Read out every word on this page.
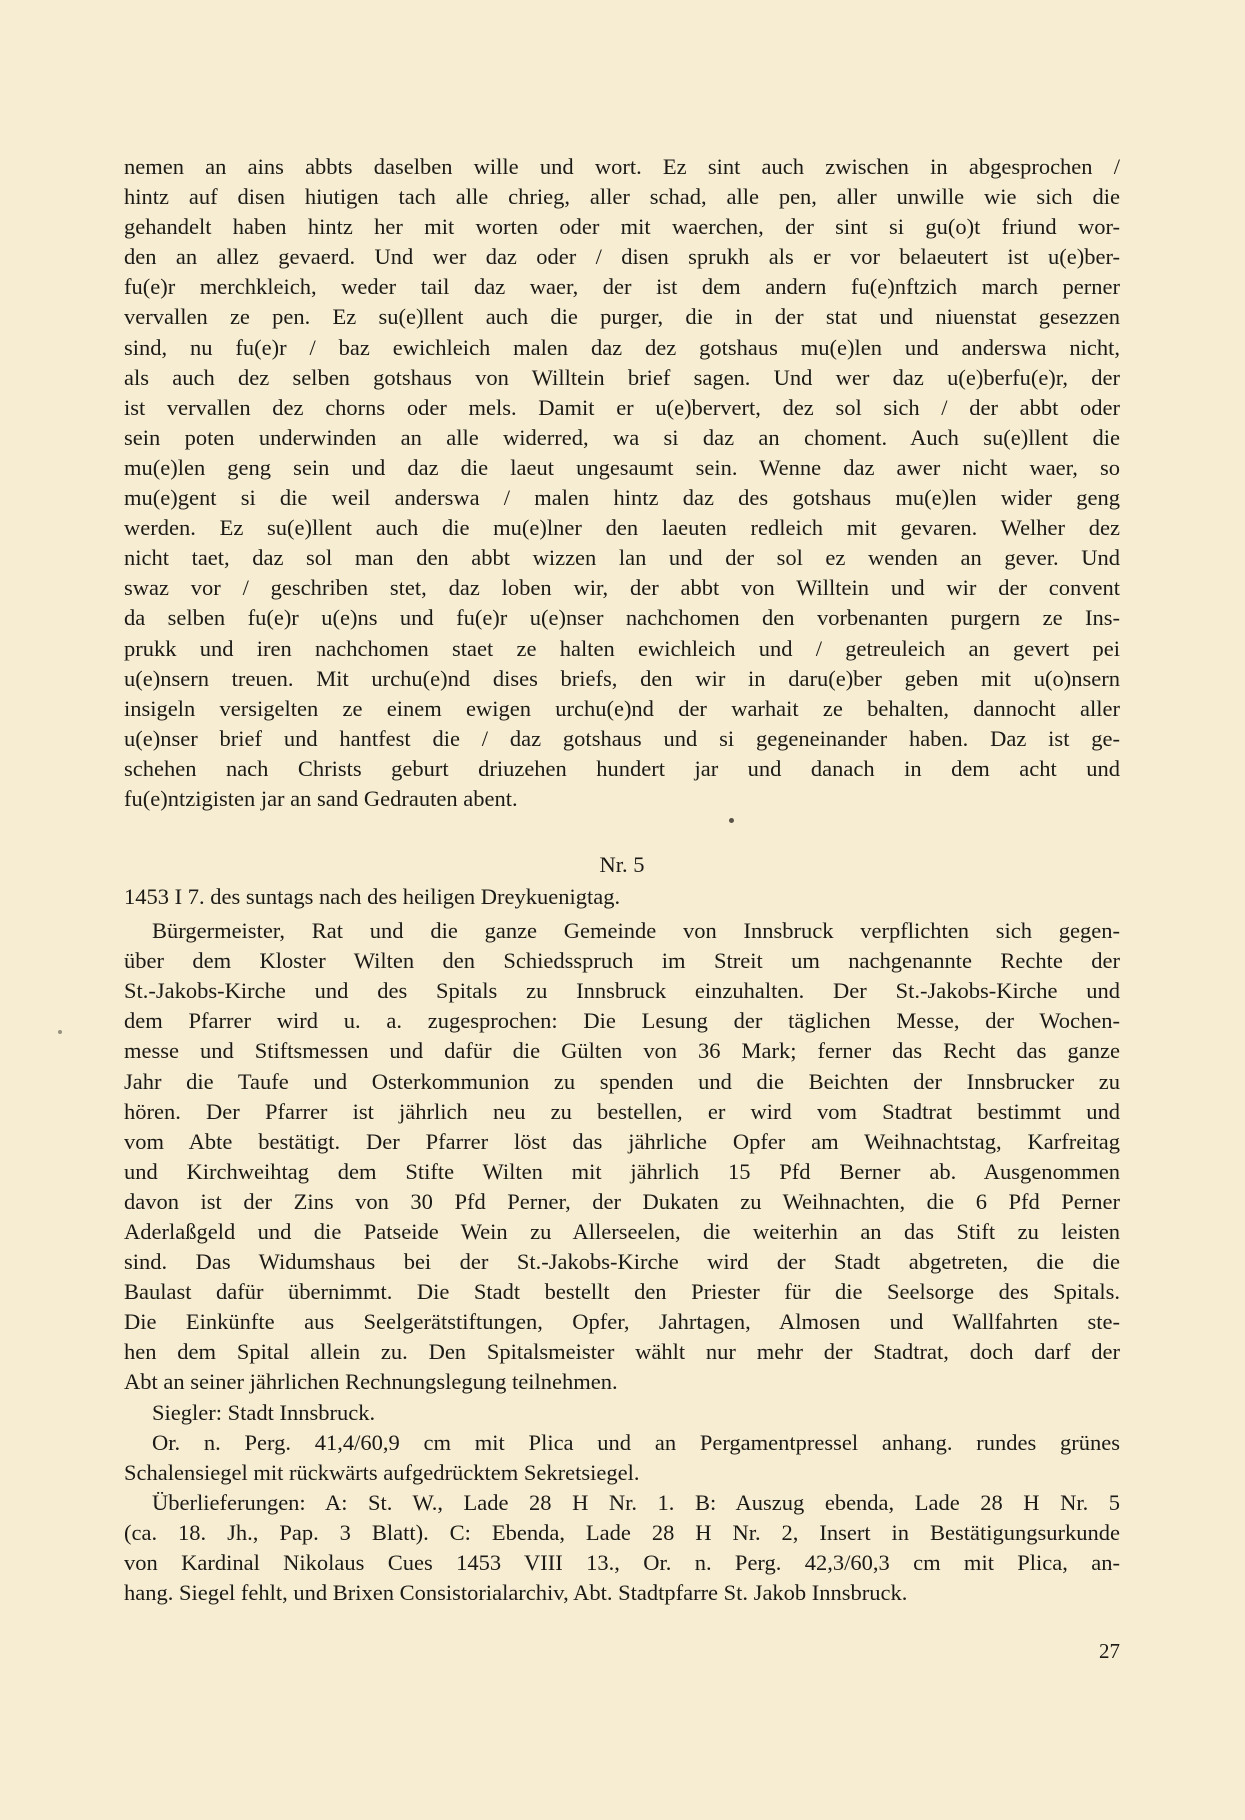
nemen an ains abbts daselben wille und wort. Ez sint auch zwischen in abgesprochen /
hintz auf disen hiutigen tach alle chrieg, aller schad, alle pen, aller unwille wie sich die
gehandelt haben hintz her mit worten oder mit waerchen, der sint si gu(o)t friund wor-
den an allez gevaerd. Und wer daz oder / disen sprukh als er vor belaeutert ist u(e)ber-
fu(e)r merchkleich, weder tail daz waer, der ist dem andern fu(e)nftzich march perner
vervallen ze pen. Ez su(e)llent auch die purger, die in der stat und niuenstat gesezzen
sind, nu fu(e)r / baz ewichleich malen daz dez gotshaus mu(e)len und anderswa nicht,
als auch dez selben gotshaus von Willtein brief sagen. Und wer daz u(e)berfu(e)r, der
ist vervallen dez chorns oder mels. Damit er u(e)bervert, dez sol sich / der abbt oder
sein poten underwinden an alle widerred, wa si daz an choment. Auch su(e)llent die
mu(e)len geng sein und daz die laeut ungesaumt sein. Wenne daz awer nicht waer, so
mu(e)gent si die weil anderswa / malen hintz daz des gotshaus mu(e)len wider geng
werden. Ez su(e)llent auch die mu(e)lner den laeuten redleich mit gevaren. Welher dez
nicht taet, daz sol man den abbt wizzen lan und der sol ez wenden an gever. Und
swaz vor / geschriben stet, daz loben wir, der abbt von Willtein und wir der convent
da selben fu(e)r u(e)ns und fu(e)r u(e)nser nachchomen den vorbenanten purgern ze Ins-
prukk und iren nachchomen staet ze halten ewichleich und / getreuleich an gevert pei
u(e)nsern treuen. Mit urchu(e)nd dises briefs, den wir in daru(e)ber geben mit u(o)nsern
insigeln versigelten ze einem ewigen urchu(e)nd der warhait ze behalten, dannocht aller
u(e)nser brief und hantfest die / daz gotshaus und si gegeneinander haben. Daz ist ge-
schehen nach Christs geburt driuzehen hundert jar und danach in dem acht und
fu(e)ntzigisten jar an sand Gedrauten abent.
Nr. 5
1453 I 7. des suntags nach des heiligen Dreykuenigtag.
Bürgermeister, Rat und die ganze Gemeinde von Innsbruck verpflichten sich gegen-
über dem Kloster Wilten den Schiedsspruch im Streit um nachgenannte Rechte der
St.-Jakobs-Kirche und des Spitals zu Innsbruck einzuhalten. Der St.-Jakobs-Kirche und
dem Pfarrer wird u. a. zugesprochen: Die Lesung der täglichen Messe, der Wochen-
messe und Stiftsmessen und dafür die Gülten von 36 Mark; ferner das Recht das ganze
Jahr die Taufe und Osterkommunion zu spenden und die Beichten der Innsbrucker zu
hören. Der Pfarrer ist jährlich neu zu bestellen, er wird vom Stadtrat bestimmt und
vom Abte bestätigt. Der Pfarrer löst das jährliche Opfer am Weihnachtstag, Karfreitag
und Kirchweihtag dem Stifte Wilten mit jährlich 15 Pfd Berner ab. Ausgenommen
davon ist der Zins von 30 Pfd Perner, der Dukaten zu Weihnachten, die 6 Pfd Perner
Aderlaßgeld und die Patseide Wein zu Allerseelen, die weiterhin an das Stift zu leisten
sind. Das Widumshaus bei der St.-Jakobs-Kirche wird der Stadt abgetreten, die die
Baulast dafür übernimmt. Die Stadt bestellt den Priester für die Seelsorge des Spitals.
Die Einkünfte aus Seelgerätstiftungen, Opfer, Jahrtagen, Almosen und Wallfahrten ste-
hen dem Spital allein zu. Den Spitalsmeister wählt nur mehr der Stadtrat, doch darf der
Abt an seiner jährlichen Rechnungslegung teilnehmen.
Siegler: Stadt Innsbruck.
Or. n. Perg. 41,4/60,9 cm mit Plica und an Pergamentpressel anhang. rundes grünes
Schalensiegel mit rückwärts aufgedrücktem Sekretsiegel.
Überlieferungen: A: St. W., Lade 28 H Nr. 1. B: Auszug ebenda, Lade 28 H Nr. 5
(ca. 18. Jh., Pap. 3 Blatt). C: Ebenda, Lade 28 H Nr. 2, Insert in Bestätigungsurkunde
von Kardinal Nikolaus Cues 1453 VIII 13., Or. n. Perg. 42,3/60,3 cm mit Plica, an-
hang. Siegel fehlt, und Brixen Consistorialarchiv, Abt. Stadtpfarre St. Jakob Innsbruck.
27
